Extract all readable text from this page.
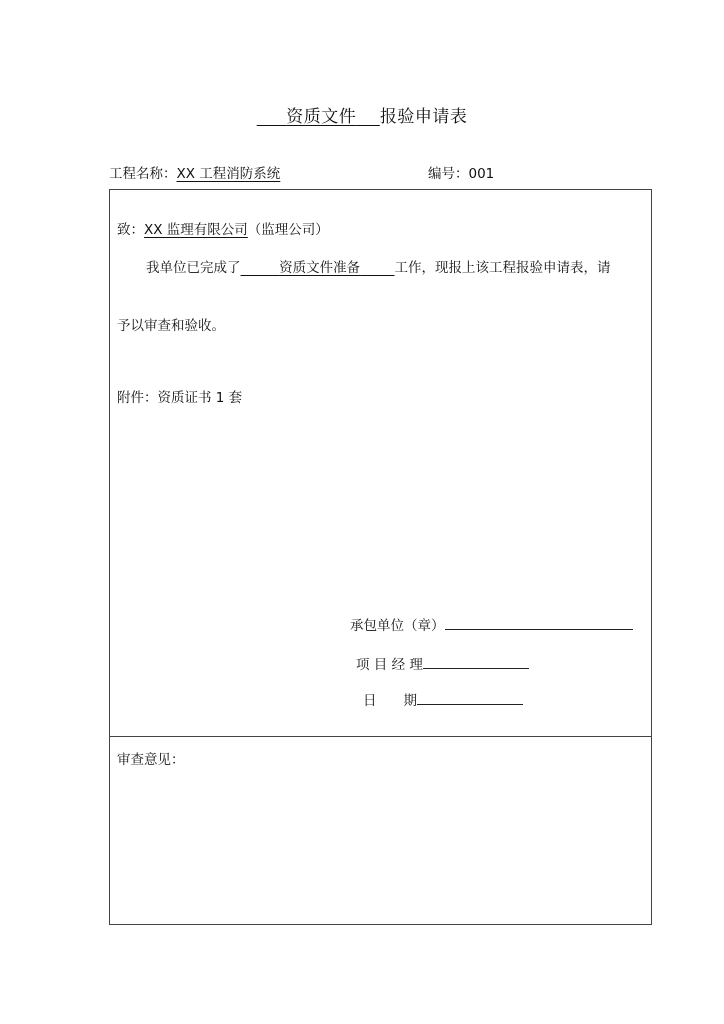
资质文件 报验申请表
工程名称：XX 工程消防系统	编号：001
致：XX 监理有限公司（监理公司）
我单位已完成了	资质文件准备	工作，现报上该工程报验申请表，请
予以审查和验收。
附件：资质证书 1 套
承包单位（章）
项 目 经 理
日　　期
审查意见：
